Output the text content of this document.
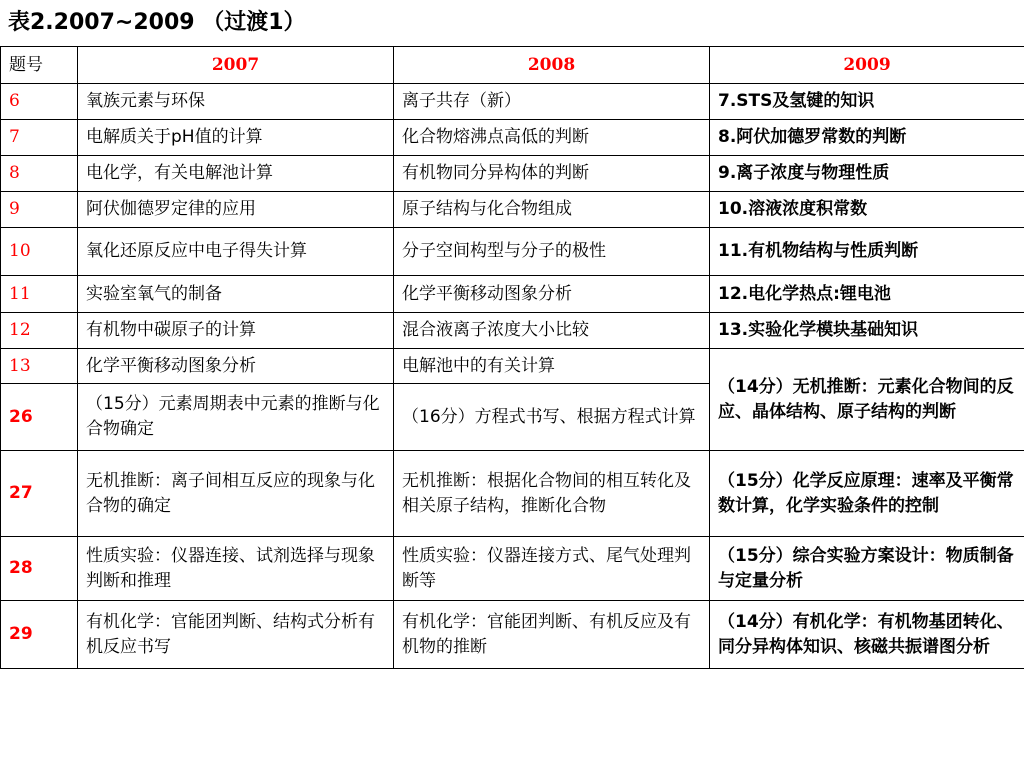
表2.2007~2009 （过渡1）
题号	2007	2008	2009
6	氧族元素与环保	离子共存（新）	7.STS及氢键的知识
7	电解质关于pH值的计算	化合物熔沸点高低的判断	8.阿伏加德罗常数的判断
8	电化学，有关电解池计算	有机物同分异构体的判断	9.离子浓度与物理性质
9	阿伏伽德罗定律的应用	原子结构与化合物组成	10.溶液浓度积常数
10	氧化还原反应中电子得失计算	分子空间构型与分子的极性	11.有机物结构与性质判断
11	实验室氧气的制备	化学平衡移动图象分析	12.电化学热点:锂电池
12	有机物中碳原子的计算	混合液离子浓度大小比较	13.实验化学模块基础知识
13	化学平衡移动图象分析	电解池中的有关计算	（14分）无机推断：元素化合物间的反应、晶体结构、原子结构的判断
26	（15分）元素周期表中元素的推断与化合物确定	（16分）方程式书写、根据方程式计算	
27	无机推断：离子间相互反应的现象与化合物的确定	无机推断：根据化合物间的相互转化及相关原子结构，推断化合物	（15分）化学反应原理：速率及平衡常数计算，化学实验条件的控制
28	性质实验：仪器连接、试剂选择与现象判断和推理	性质实验：仪器连接方式、尾气处理判断等	（15分）综合实验方案设计：物质制备与定量分析
29	有机化学：官能团判断、结构式分析有机反应书写	有机化学：官能团判断、有机反应及有机物的推断	（14分）有机化学：有机物基团转化、同分异构体知识、核磁共振谱图分析
